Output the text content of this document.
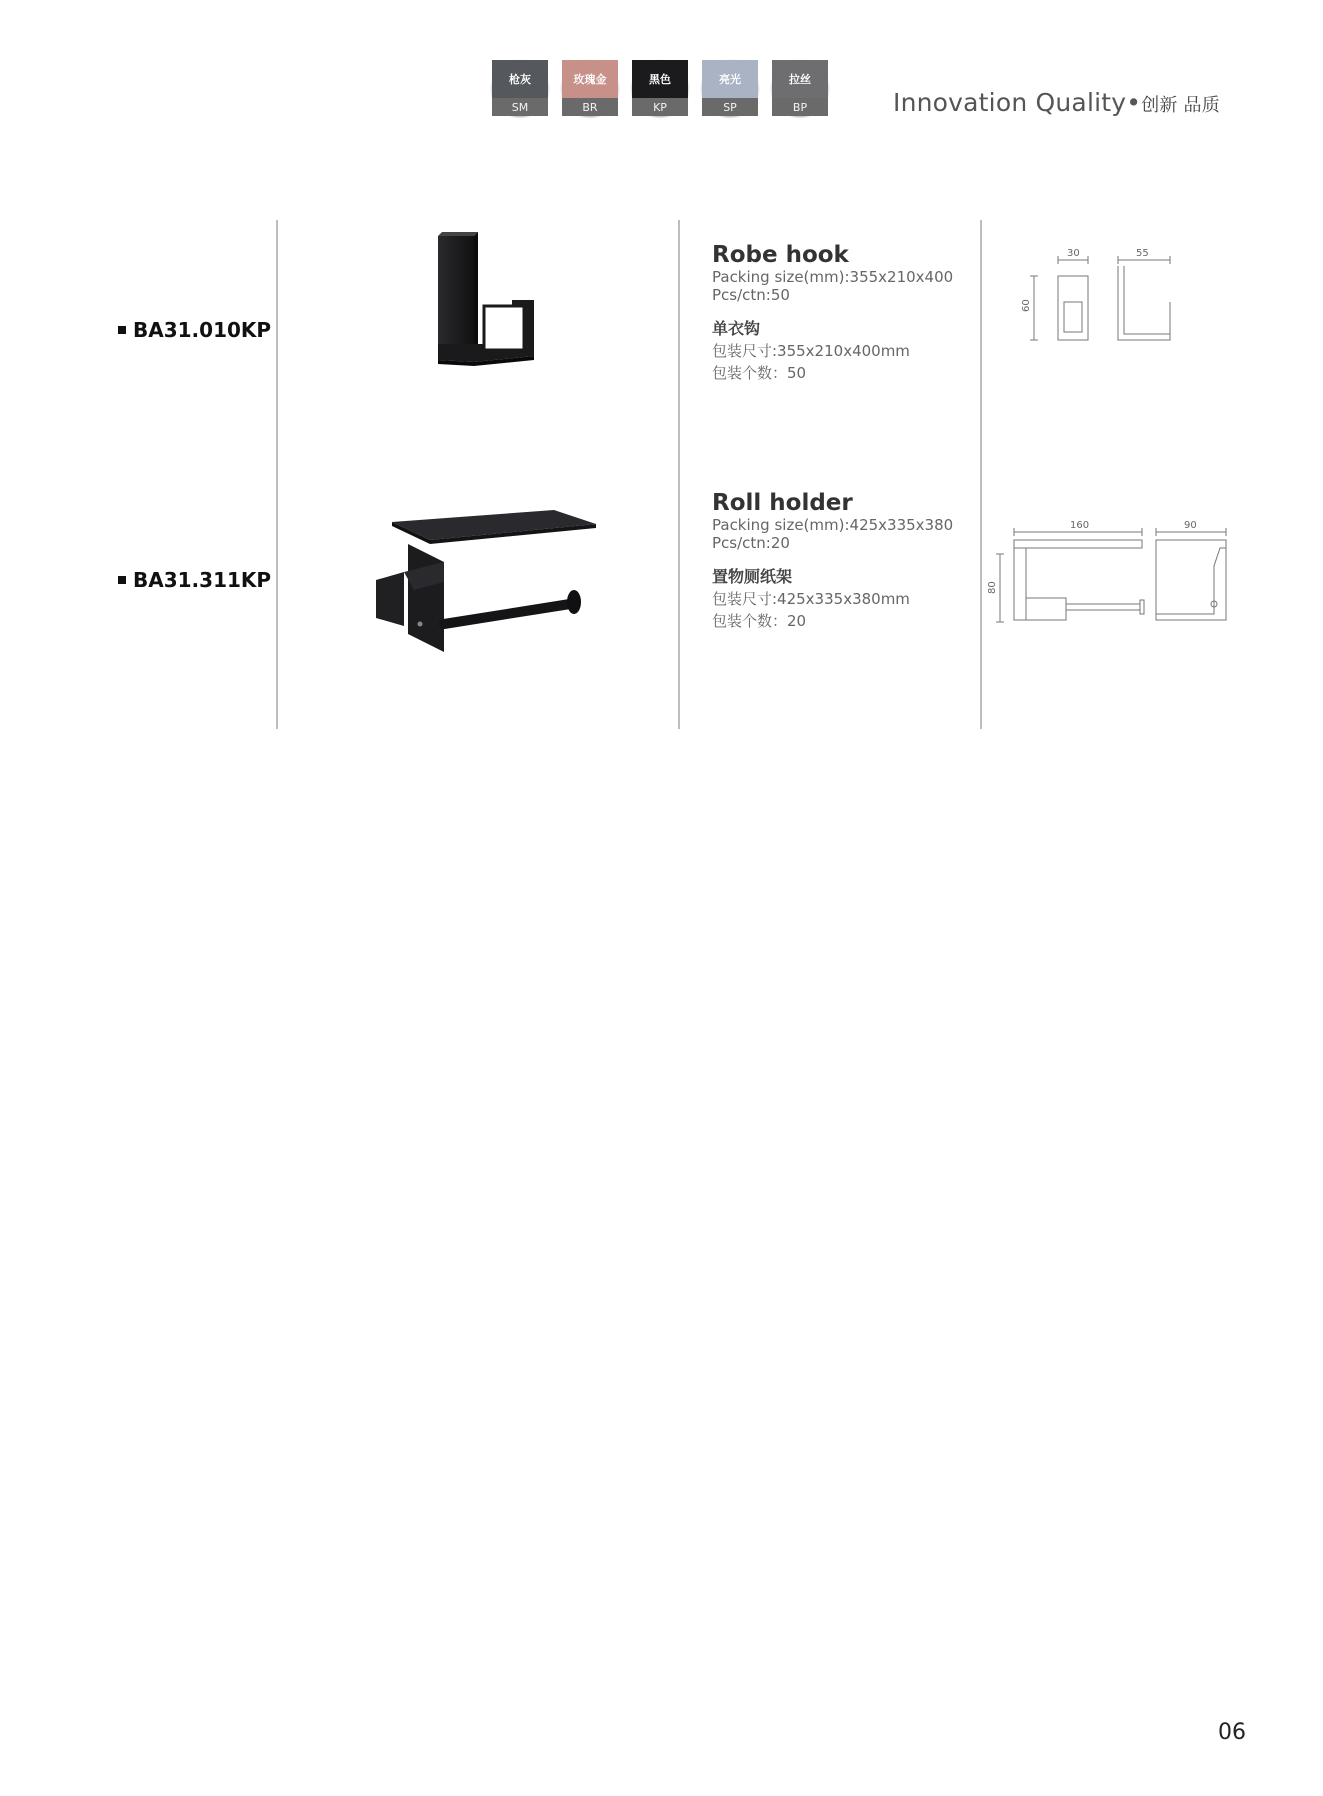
枪灰
SM
玫瑰金
BR
黑色
KP
亮光
SP
拉丝
BP	Innovation Quality•创新 品质
BA31.010KP
Robe hook
Packing size(mm):355x210x400
Pcs/ctn:50
单衣钩
包装尺寸:355x210x400mm
包装个数：50
30	55
60
BA31.311KP
Roll holder
Packing size(mm):425x335x380
Pcs/ctn:20
置物厕纸架
包装尺寸:425x335x380mm
包装个数：20
160	90
80
06
